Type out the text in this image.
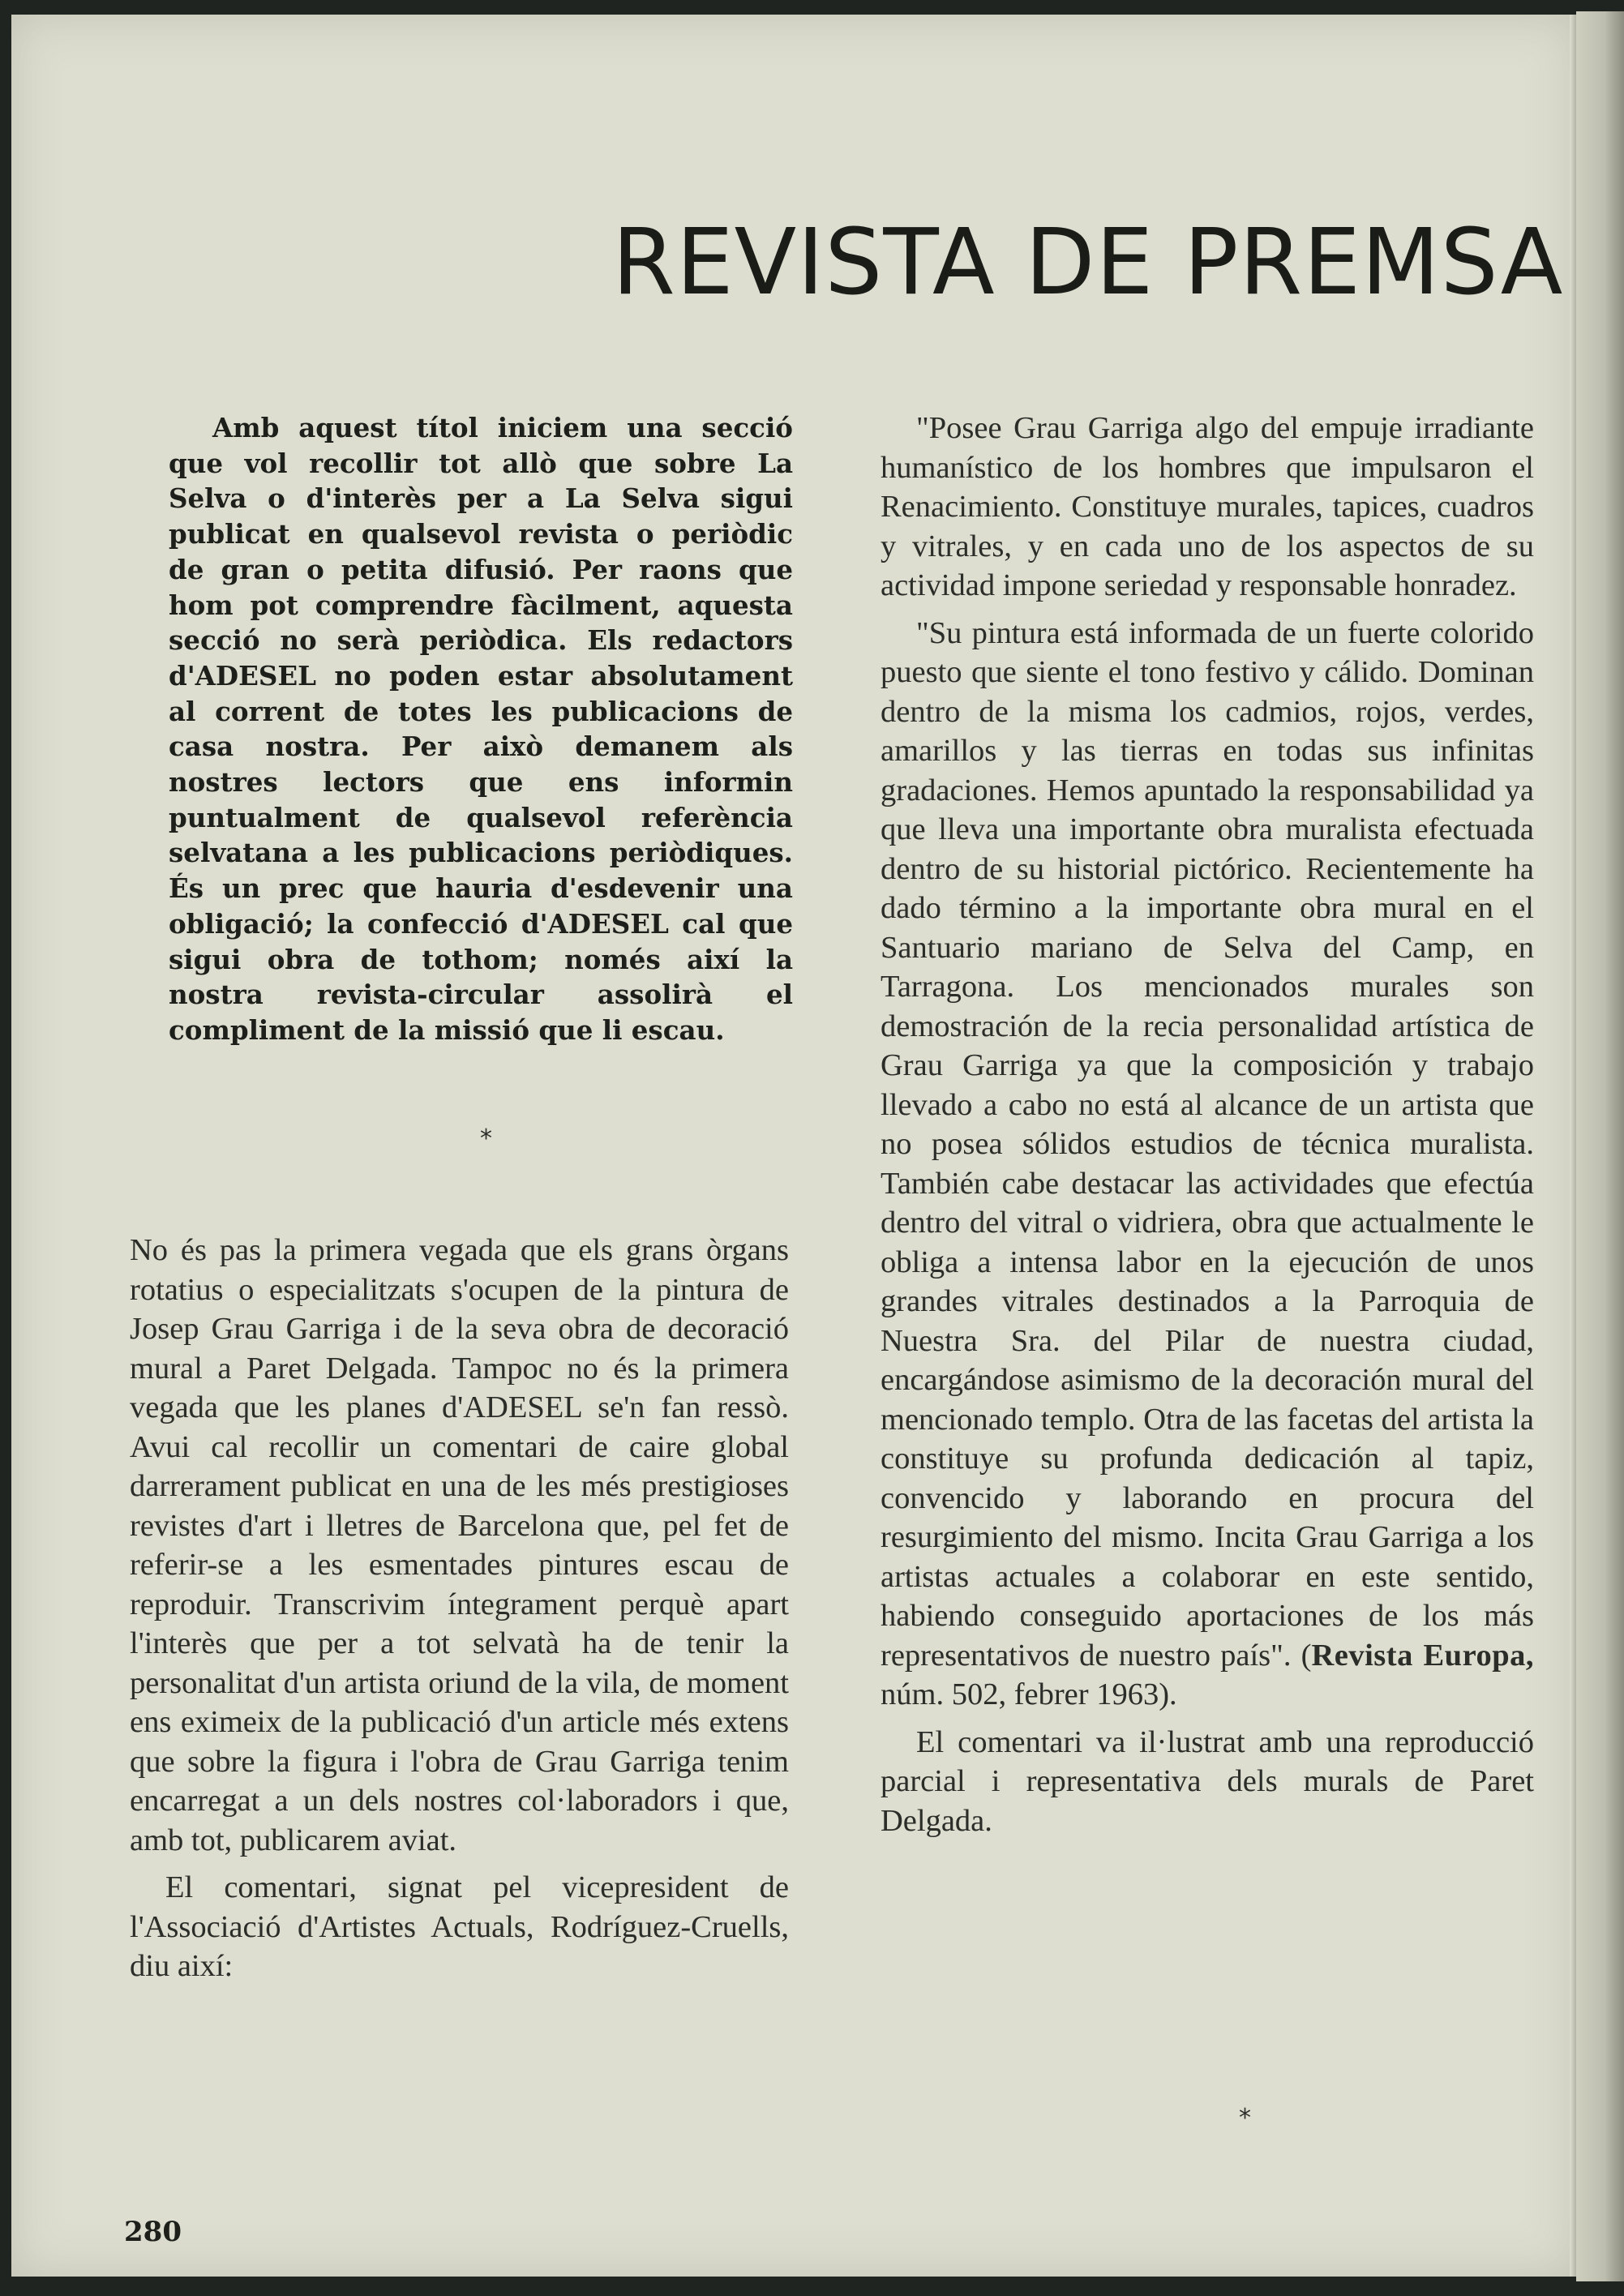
REVISTA DE PREMSA

Amb aquest títol iniciem una secció que vol recollir tot allò que sobre La Selva o d'interès per a La Selva sigui publicat en qualsevol revista o periòdic de gran o petita difusió. Per raons que hom pot comprendre fàcilment, aquesta secció no serà periòdica. Els redactors d'ADESEL no poden estar absolutament al corrent de totes les publicacions de casa nostra. Per això demanem als nostres lectors que ens informin puntualment de qualsevol referència selvatana a les publicacions periòdiques. És un prec que hauria d'esdevenir una obligació; la confecció d'ADESEL cal que sigui obra de tothom; només així la nostra revista-circular assolirà el compliment de la missió que li escau.

*

No és pas la primera vegada que els grans òrgans rotatius o especialitzats s'ocupen de la pintura de Josep Grau Garriga i de la seva obra de decoració mural a Paret Delgada. Tampoc no és la primera vegada que les planes d'ADESEL se'n fan ressò. Avui cal recollir un comentari de caire global darrerament publicat en una de les més prestigioses revistes d'art i lletres de Barcelona que, pel fet de referir-se a les esmentades pintures escau de reproduir. Transcrivim íntegrament perquè apart l'interès que per a tot selvatà ha de tenir la personalitat d'un artista oriund de la vila, de moment ens eximeix de la publicació d'un article més extens que sobre la figura i l'obra de Grau Garriga tenim encarregat a un dels nostres col·laboradors i que, amb tot, publicarem aviat.

El comentari, signat pel vicepresident de l'Associació d'Artistes Actuals, Rodríguez-Cruells, diu així:

"Posee Grau Garriga algo del empuje irradiante humanístico de los hombres que impulsaron el Renacimiento. Constituye murales, tapices, cuadros y vitrales, y en cada uno de los aspectos de su actividad impone seriedad y responsable honradez.

"Su pintura está informada de un fuerte colorido puesto que siente el tono festivo y cálido. Dominan dentro de la misma los cadmios, rojos, verdes, amarillos y las tierras en todas sus infinitas gradaciones. Hemos apuntado la responsabilidad ya que lleva una importante obra muralista efectuada dentro de su historial pictórico. Recientemente ha dado término a la importante obra mural en el Santuario mariano de Selva del Camp, en Tarragona. Los mencionados murales son demostración de la recia personalidad artística de Grau Garriga ya que la composición y trabajo llevado a cabo no está al alcance de un artista que no posea sólidos estudios de técnica muralista. También cabe destacar las actividades que efectúa dentro del vitral o vidriera, obra que actualmente le obliga a intensa labor en la ejecución de unos grandes vitrales destinados a la Parroquia de Nuestra Sra. del Pilar de nuestra ciudad, encargándose asimismo de la decoración mural del mencionado templo. Otra de las facetas del artista la constituye su profunda dedicación al tapiz, convencido y laborando en procura del resurgimiento del mismo. Incita Grau Garriga a los artistas actuales a colaborar en este sentido, habiendo conseguido aportaciones de los más representativos de nuestro país". (Revista Europa, núm. 502, febrer 1963).

El comentari va il·lustrat amb una reproducció parcial i representativa dels murals de Paret Delgada.

*
280
